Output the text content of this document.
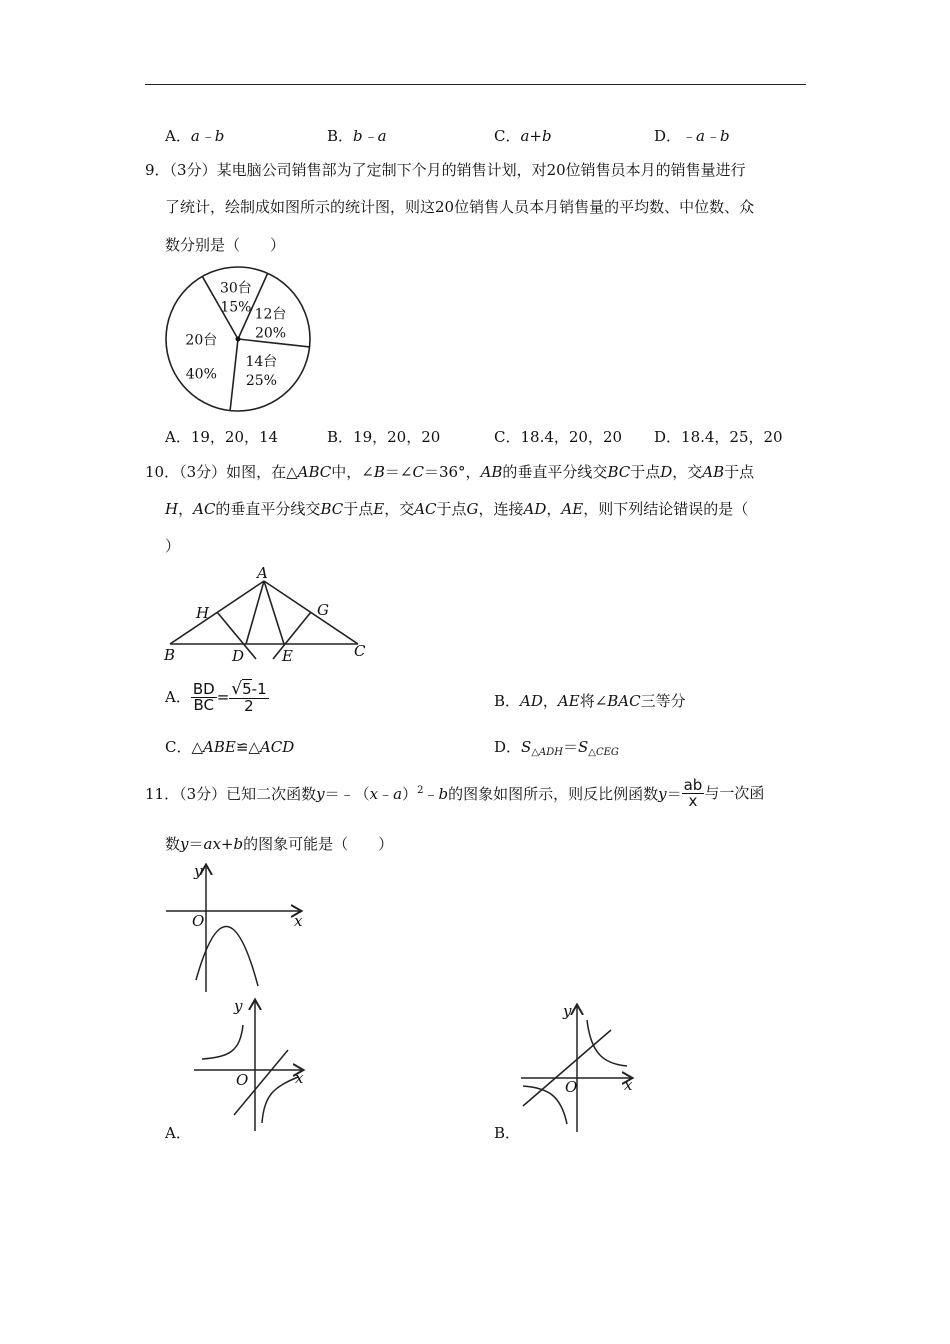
A．a﹣b	B．b﹣a	C．a+b	D．﹣a﹣b
9．（3分）某电脑公司销售部为了定制下个月的销售计划，对20位销售员本月的销售量进行
了统计，绘制成如图所示的统计图，则这20位销售人员本月销售量的平均数、中位数、众
数分别是（　　）
30台
15% 12台
20%
14台
25%
20台
40%
A．19，20，14	B．19，20，20	C．18.4，20，20 D．18.4，25，20
10．（3分）如图，在△ABC中，∠B＝∠C＝36°，AB的垂直平分线交BC于点D，交AB于点
H，AC的垂直平分线交BC于点E，交AC于点G，连接AD，AE，则下列结论错误的是（
）
A
B	C
D	E
G
H
A． $\frac{BD}{BC} = \frac{√5-1}{2}$	B．AD，AE将∠BAC三等分
C．△ABE≌△ACD	D．$S_{\triangle ADH}=S_{\triangle CEG}$
11．（3分）已知二次函数y＝﹣（x﹣a）$^2$﹣b的图象如图所示，则反比例函数$y= \frac{ab}{x}$ 与一次函
数y＝ax+b的图象可能是（　　）
y
x
O
y
x
O
A．
y
x
O
B．
